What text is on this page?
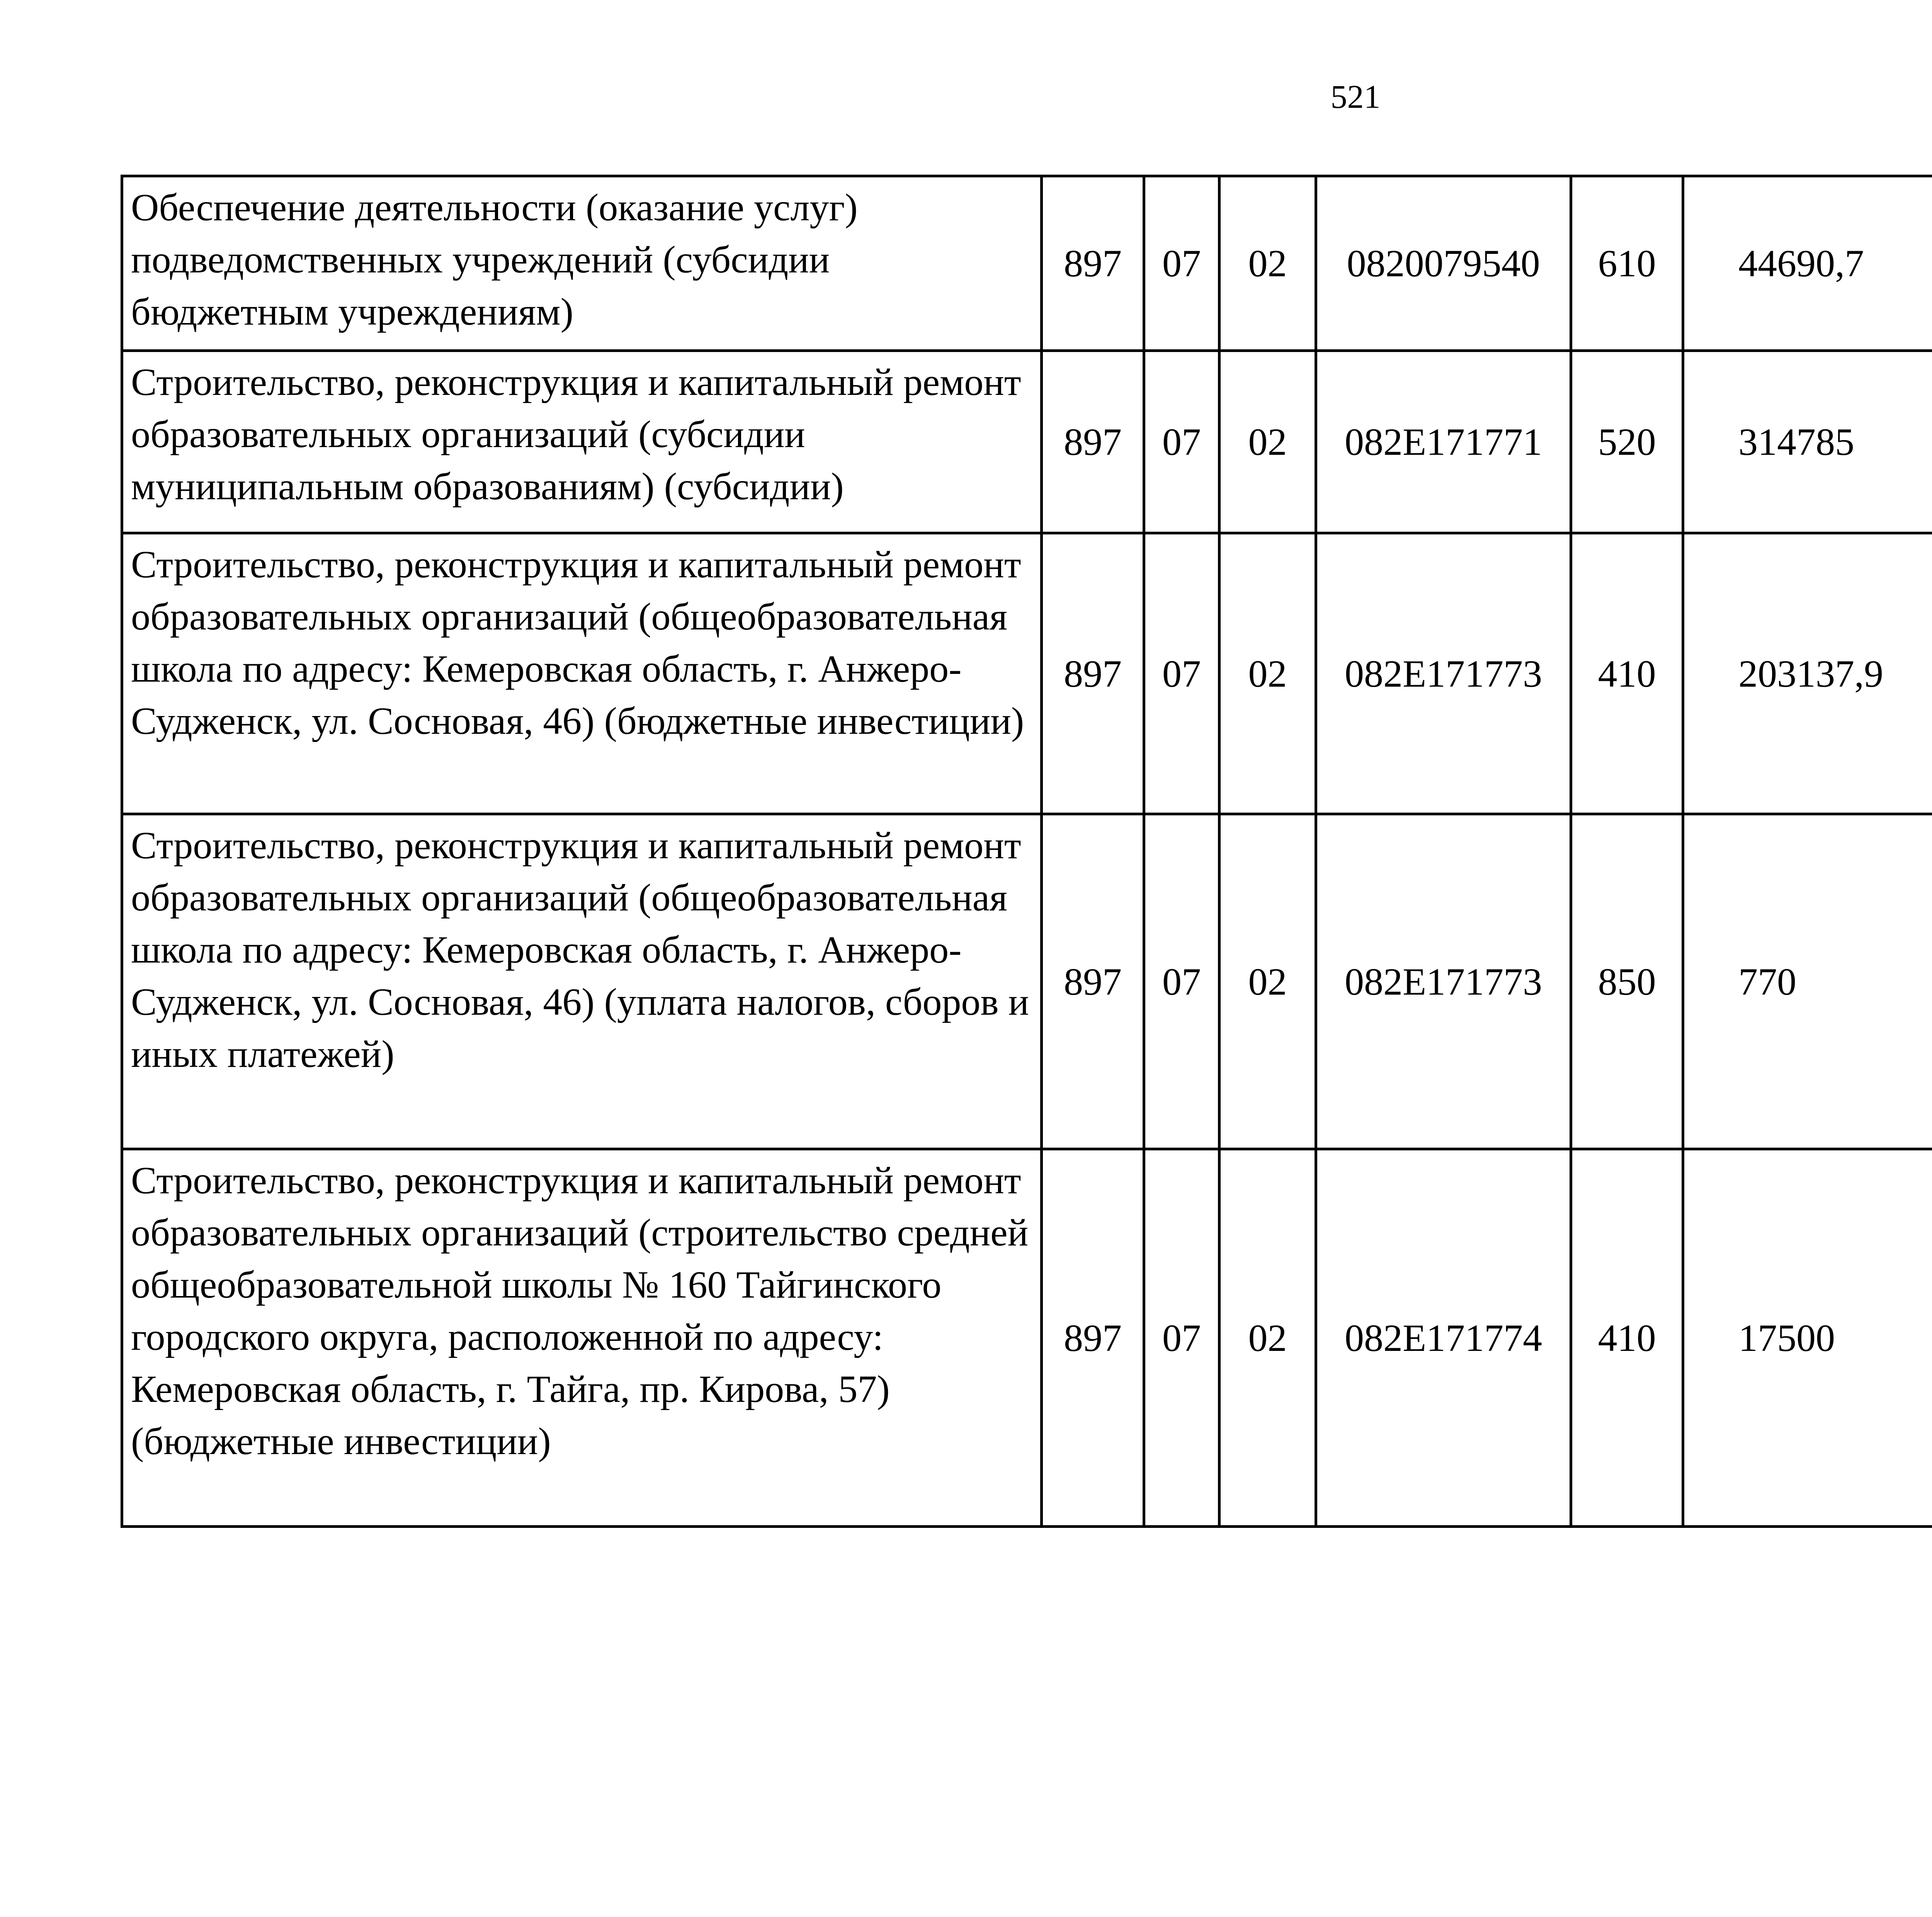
521
Обеспечение деятельности (оказание услуг) подведомственных учреждений (субсидии бюджетным учреждениям)	897	07	02	0820079540	610	44690,7		
Строительство, реконструкция и капитальный ремонт образовательных организаций (субсидии муниципальным образованиям) (субсидии)	897	07	02	082E171771	520	314785		
Строительство, реконструкция и капитальный ремонт образовательных организаций (общеобразовательная школа по адресу: Кемеровская область, г. Анжеро-Судженск, ул. Сосновая, 46) (бюджетные инвестиции)	897	07	02	082E171773	410	203137,9		
Строительство, реконструкция и капитальный ремонт образовательных организаций (общеобразовательная школа по адресу: Кемеровская область, г. Анжеро-Судженск, ул. Сосновая, 46) (уплата налогов, сборов и иных платежей)	897	07	02	082E171773	850	770		
Строительство, реконструкция и капитальный ремонт образовательных организаций (строительство средней общеобразовательной школы № 160 Тайгинского городского округа, расположенной по адресу: Кемеровская область, г. Тайга, пр. Кирова, 57) (бюджетные инвестиции)	897	07	02	082E171774	410	17500		
